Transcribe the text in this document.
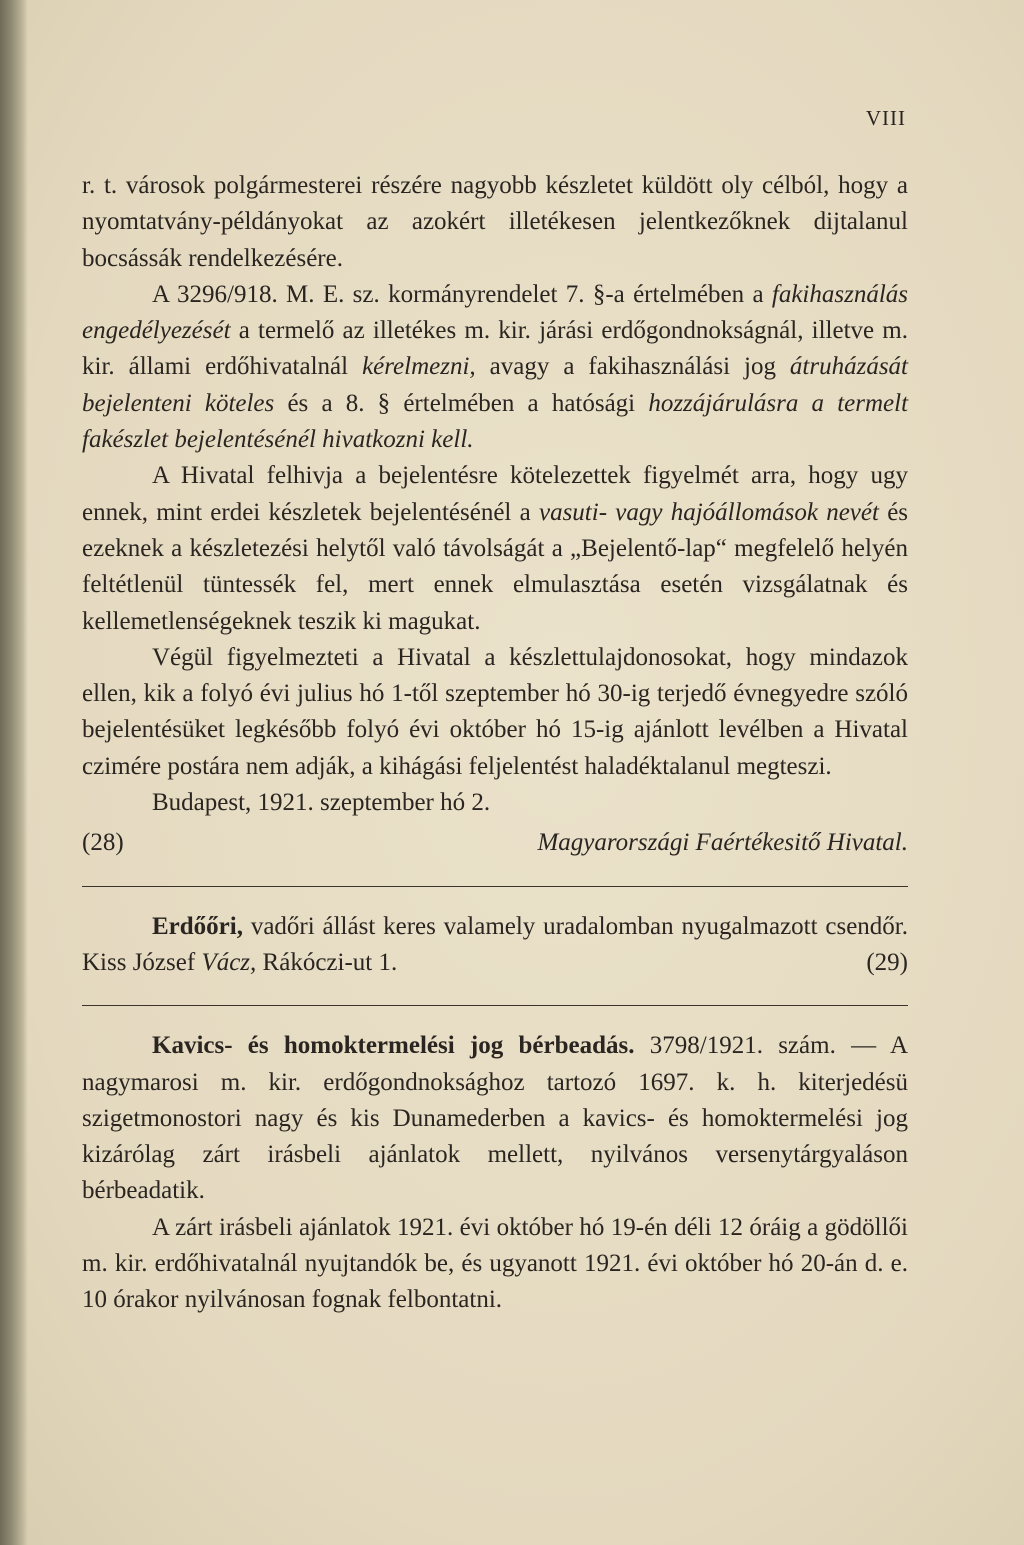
VIII

r. t. városok polgármesterei részére nagyobb készletet küldött oly célból, hogy a nyomtatvány-példányokat az azokért illetékesen jelentkezőknek dijtalanul bocsássák rendelkezésére.

A 3296/918. M. E. sz. kormányrendelet 7. §-a értelmében a fakihasználás engedélyezését a termelő az illetékes m. kir. járási erdőgondnokságnál, illetve m. kir. állami erdőhivatalnál kérelmezni, avagy a fakihasználási jog átruházását bejelenteni köteles és a 8. § értelmében a hatósági hozzájárulásra a termelt fakészlet bejelentésénél hivatkozni kell.

A Hivatal felhivja a bejelentésre kötelezettek figyelmét arra, hogy ugy ennek, mint erdei készletek bejelentésénél a vasuti- vagy hajóállomások nevét és ezeknek a készletezési helytől való távolságát a „Bejelentő-lap“ megfelelő helyén feltétlenül tüntessék fel, mert ennek elmulasztása esetén vizsgálatnak és kellemetlenségeknek teszik ki magukat.

Végül figyelmezteti a Hivatal a készlettulajdonosokat, hogy mindazok ellen, kik a folyó évi julius hó 1-től szeptember hó 30-ig terjedő évnegyedre szóló bejelentésüket legkésőbb folyó évi október hó 15-ig ajánlott levélben a Hivatal czimére postára nem adják, a kihágási feljelentést haladéktalanul megteszi.

Budapest, 1921. szeptember hó 2.

(28)	Magyarországi Faértékesitő Hivatal.

Erdőőri, vadőri állást keres valamely uradalomban nyugalmazott csendőr. Kiss József Vácz, Rákóczi-ut 1.	(29)

Kavics- és homoktermelési jog bérbeadás. 3798/1921. szám. — A nagymarosi m. kir. erdőgondnoksághoz tartozó 1697. k. h. kiterjedésü szigetmonostori nagy és kis Dunamederben a kavics- és homoktermelési jog kizárólag zárt irásbeli ajánlatok mellett, nyilvános versenytárgyaláson bérbeadatik.

A zárt irásbeli ajánlatok 1921. évi október hó 19-én déli 12 óráig a gödöllői m. kir. erdőhivatalnál nyujtandók be, és ugyanott 1921. évi október hó 20-án d. e. 10 órakor nyilvánosan fognak felbontatni.
